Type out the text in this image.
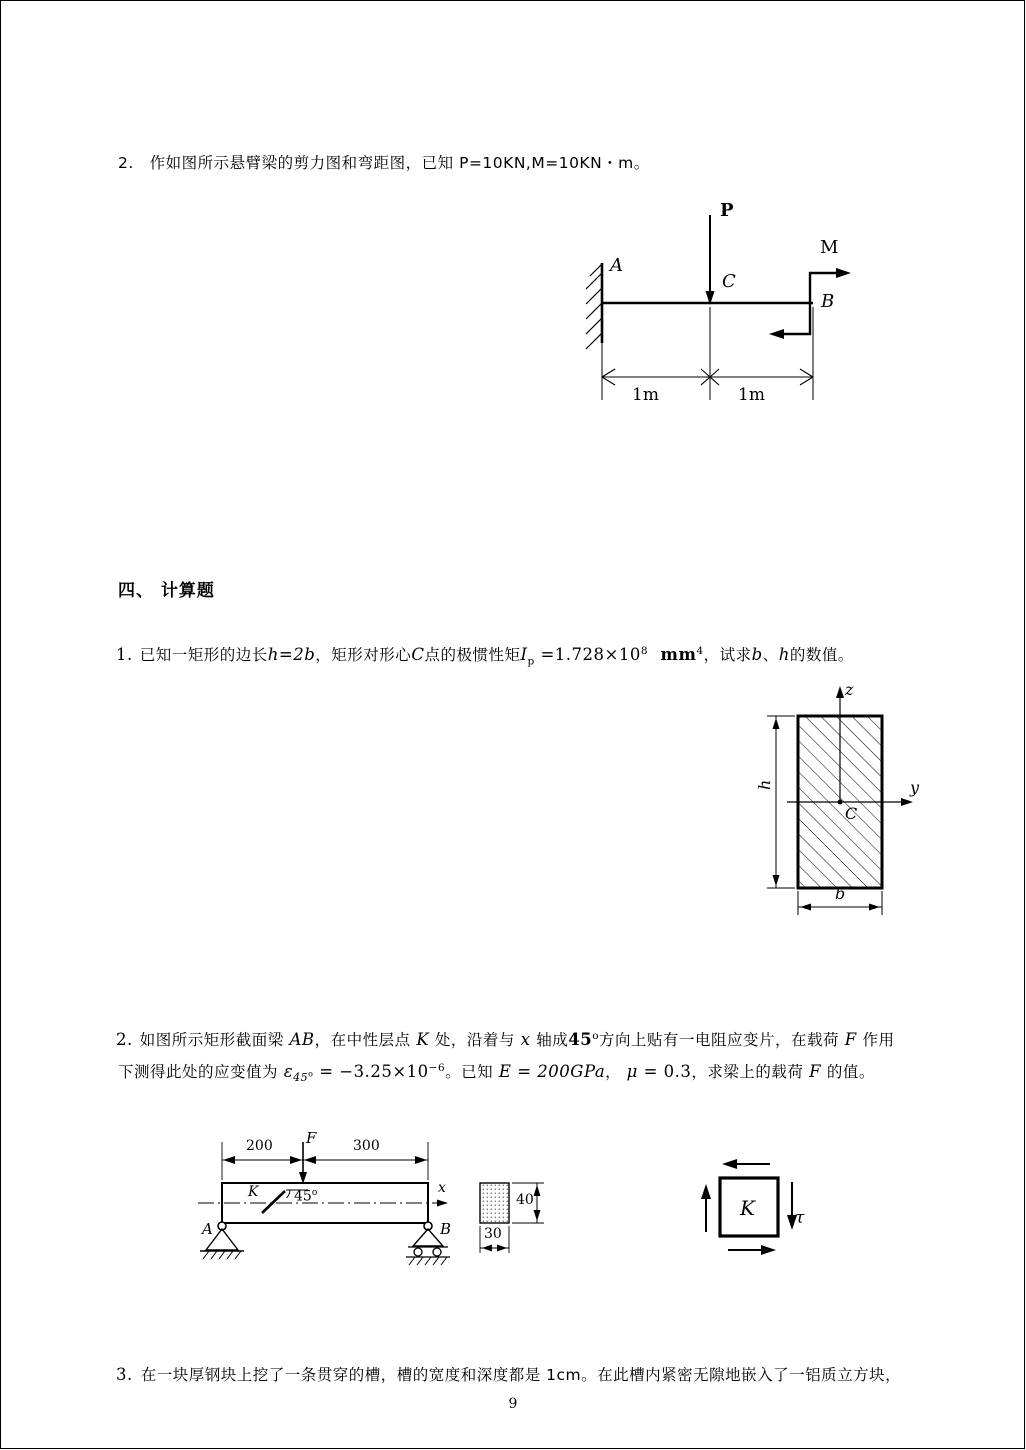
2. 作如图所示悬臂梁的剪力图和弯距图，已知 P=10KN,M=10KN・m。
P
M
A
C
B
1m	1m
四、 计算题
1. 已知一矩形的边长h=2b，矩形对形心C点的极惯性矩$I_p =1.728\times 10^8$  $mm^4$，试求b、h的数值。
z
y
C
h
b
2. 如图所示矩形截面梁 AB，在中性层点 K 处，沿着与 x 轴成45$^o$方向上贴有一电阻应变片，在载荷 F 作用
下测得此处的应变值为 $\varepsilon_{45^o} = -3.25\times 10^{-6}$。已知 E = 200GPa， μ = 0.3，求梁上的载荷 F 的值。
200	300
F
K	45$^o$	x
A	B
40
30
K τ
3. 在一块厚钢块上挖了一条贯穿的槽，槽的宽度和深度都是 1cm。在此槽内紧密无隙地嵌入了一铝质立方块，
9
